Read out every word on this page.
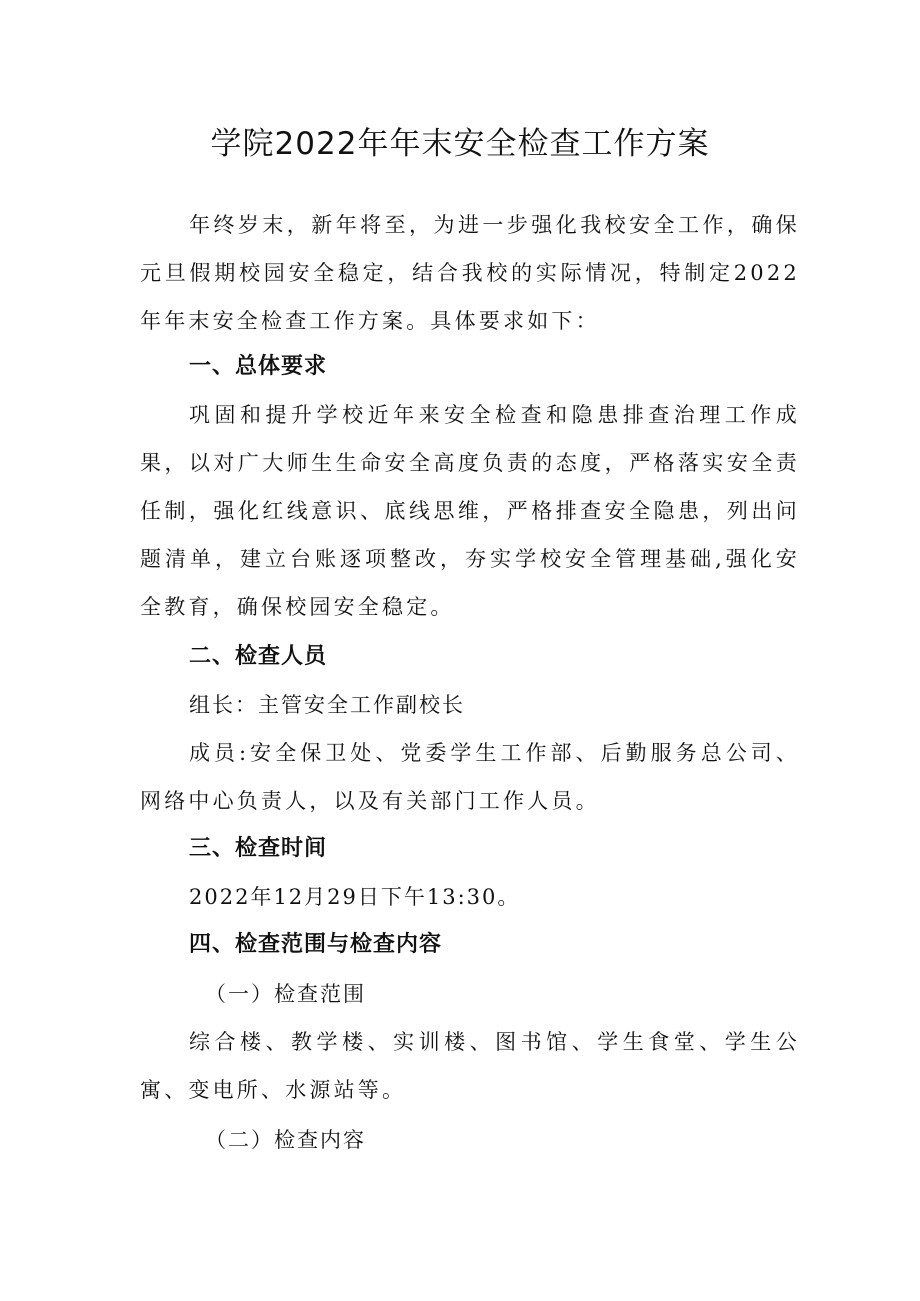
学院2022年年末安全检查工作方案

年终岁末，新年将至，为进一步强化我校安全工作，确保元旦假期校园安全稳定，结合我校的实际情况，特制定2022年年末安全检查工作方案。具体要求如下：

一、总体要求

巩固和提升学校近年来安全检查和隐患排查治理工作成果，以对广大师生生命安全高度负责的态度，严格落实安全责任制，强化红线意识、底线思维，严格排查安全隐患，列出问题清单，建立台账逐项整改，夯实学校安全管理基础,强化安全教育，确保校园安全稳定。

二、检查人员

组长：主管安全工作副校长

成员:安全保卫处、党委学生工作部、后勤服务总公司、网络中心负责人，以及有关部门工作人员。

三、检查时间

2022年12月29日下午13:30。

四、检查范围与检查内容

（一）检查范围

综合楼、教学楼、实训楼、图书馆、学生食堂、学生公寓、变电所、水源站等。

（二）检查内容
